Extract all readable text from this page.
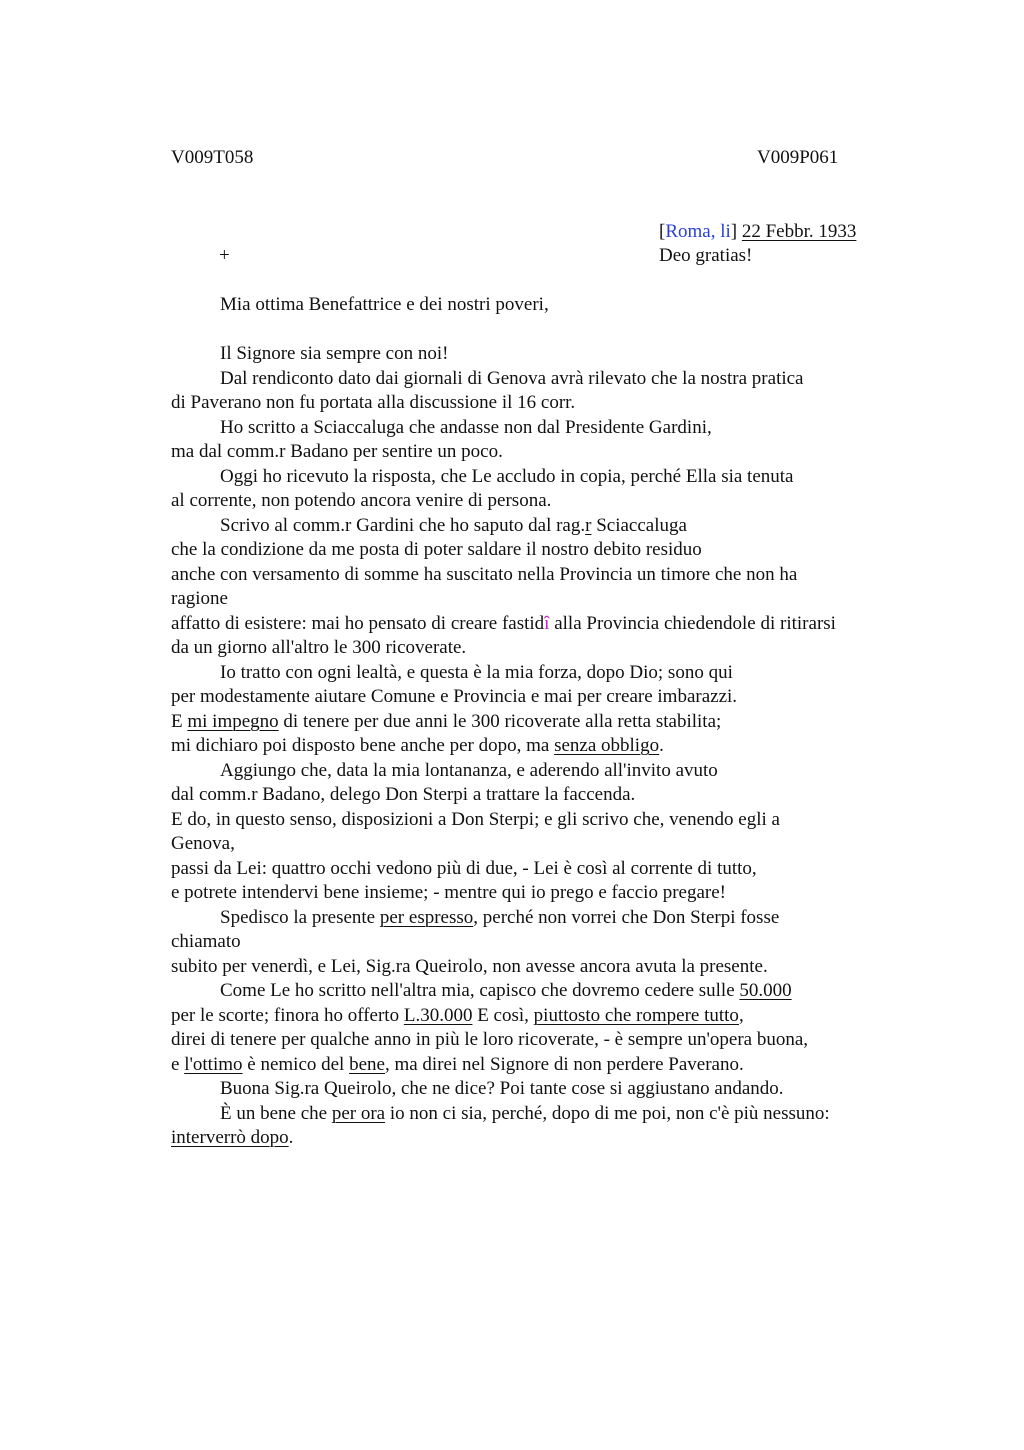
V009T058	V009P061
[Roma, li] 22 Febbr. 1933
Deo gratias!
+
Mia ottima Benefattrice e dei nostri poveri,
Il Signore sia sempre con noi!
Dal rendiconto dato dai giornali di Genova avrà rilevato che la nostra pratica
di Paverano non fu portata alla discussione il 16 corr.
Ho scritto a Sciaccaluga che andasse non dal Presidente Gardini,
ma dal comm.r Badano per sentire un poco.
Oggi ho ricevuto la risposta, che Le accludo in copia, perché Ella sia tenuta
al corrente, non potendo ancora venire di persona.
Scrivo al comm.r Gardini che ho saputo dal rag.r Sciaccaluga
che la condizione da me posta di poter saldare il nostro debito residuo
anche con versamento di somme ha suscitato nella Provincia un timore che non ha
ragione
affatto di esistere: mai ho pensato di creare fastidî alla Provincia chiedendole di ritirarsi
da un giorno all'altro le 300 ricoverate.
Io tratto con ogni lealtà, e questa è la mia forza, dopo Dio; sono qui
per modestamente aiutare Comune e Provincia e mai per creare imbarazzi.
E mi impegno di tenere per due anni le 300 ricoverate alla retta stabilita;
mi dichiaro poi disposto bene anche per dopo, ma senza obbligo.
Aggiungo che, data la mia lontananza, e aderendo all'invito avuto
dal comm.r Badano, delego Don Sterpi a trattare la faccenda.
E do, in questo senso, disposizioni a Don Sterpi; e gli scrivo che, venendo egli a
Genova,
passi da Lei: quattro occhi vedono più di due, - Lei è così al corrente di tutto,
e potrete intendervi bene insieme; - mentre qui io prego e faccio pregare!
Spedisco la presente per espresso, perché non vorrei che Don Sterpi fosse
chiamato
subito per venerdì, e Lei, Sig.ra Queirolo, non avesse ancora avuta la presente.
Come Le ho scritto nell'altra mia, capisco che dovremo cedere sulle 50.000
per le scorte; finora ho offerto L.30.000 E così, piuttosto che rompere tutto,
direi di tenere per qualche anno in più le loro ricoverate, - è sempre un'opera buona,
e l'ottimo è nemico del bene, ma direi nel Signore di non perdere Paverano.
Buona Sig.ra Queirolo, che ne dice? Poi tante cose si aggiustano andando.
È un bene che per ora io non ci sia, perché, dopo di me poi, non c'è più nessuno:
interverrò dopo.
